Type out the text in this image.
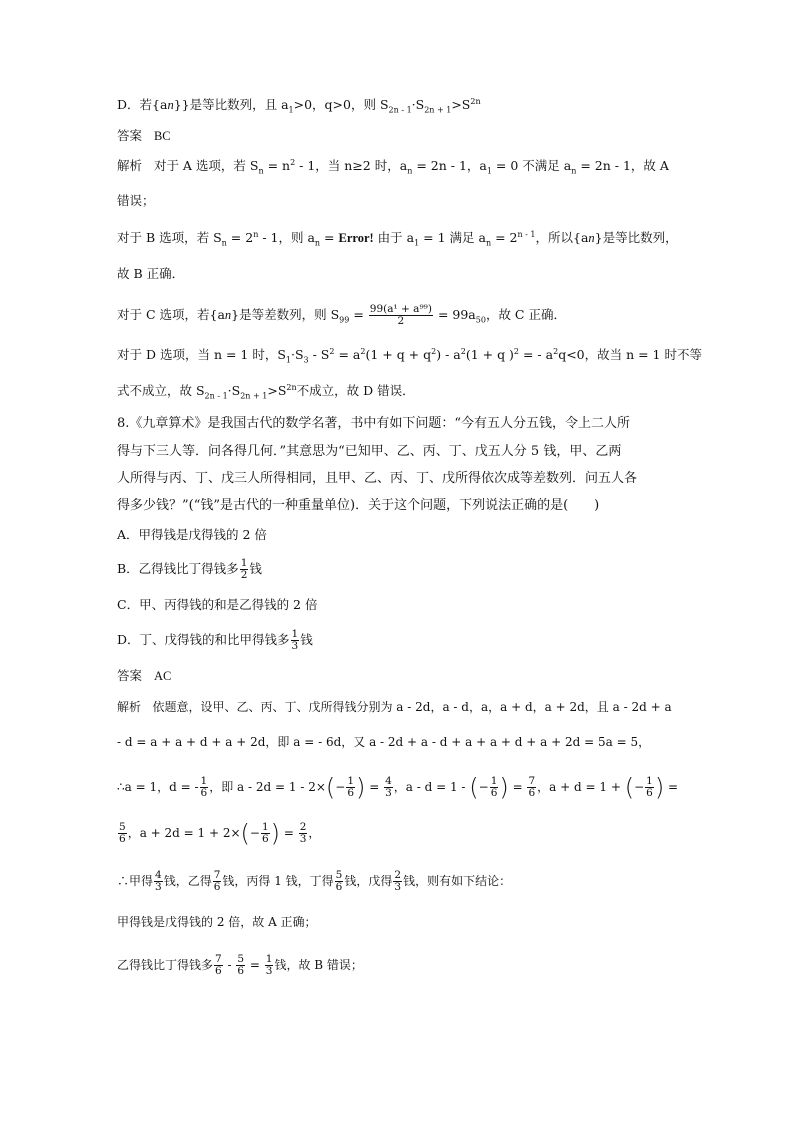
D．若{an}}是等比数列，且 $a_1>0$，q>0，则 $S_{2n - 1}\cdot S_{2n + 1}>S^{2n}$
答案 BC
解析 对于 A 选项，若 $S_n = n^2 - 1$，当 n≥2 时，$a_n = 2n - 1$，$a_1 = 0$ 不满足 $a_n = 2n - 1$，故 A
错误；
对于 B 选项，若 $S_n = 2^n - 1$，则 $a_n$ = Error! 由于 $a_1 = 1$ 满足 $a_n = 2^{n - 1}$，所以{an}是等比数列，
故 B 正确．
对于 C 选项，若{an}是等差数列，则 $S_{99} = \frac{\text{99(a¹ + a⁹⁹)}}{2} = 99a_{50}$，故 C 正确．
对于 D 选项，当 n = 1 时，$S_1\cdot S_3 - S^2 = a^2(1 + q + q^2) - a^2(1 + q$ )$^2$ = - $a^2q<0$，故当 n = 1 时不等
式不成立，故 $S_{2n - 1}\cdot S_{2n + 1}>S^{2n}$不成立，故 D 错误．
8.《九章算术》是我国古代的数学名著，书中有如下问题：“今有五人分五钱，令上二人所
得与下三人等．问各得几何．”其意思为“已知甲、乙、丙、丁、戊五人分 5 钱，甲、乙两
人所得与丙、丁、戊三人所得相同，且甲、乙、丙、丁、戊所得依次成等差数列．问五人各
得多少钱？”(“钱”是古代的一种重量单位)．关于这个问题，下列说法正确的是(　　)
A．甲得钱是戊得钱的 2 倍
B．乙得钱比丁得钱多 $\frac{1}{2}$ 钱
C．甲、丙得钱的和是乙得钱的 2 倍
D．丁、戊得钱的和比甲得钱多 $\frac{1}{3}$ 钱
答案 AC
解析 依题意，设甲、乙、丙、丁、戊所得钱分别为 a - 2d，a - d，a，a + d，a + 2d，且 a - 2d + a
- d = a + a + d + a + 2d，即 a = - 6d，又 a - 2d + a - d + a + a + d + a + 2d = 5a = 5，
∴a = 1，d = - $\frac{1}{6}$ ，即 $a - 2d = 1 - 2\times(- \frac{1}{6}$ ) = $\frac{4}{3}$ ，a - d = 1 - (− $\frac{1}{6}$ ) = $\frac{7}{6}$ ，a + d = 1 + (− $\frac{1}{6}$ ) =
$\frac{5}{6}$ ，$a + 2d = 1 + 2\times(- \frac{1}{6}$ ) = $\frac{2}{3}$ ，
∴甲得 $\frac{4}{3}$ 钱，乙得 $\frac{7}{6}$ 钱，丙得 1 钱，丁得 $\frac{5}{6}$ 钱，戊得 $\frac{2}{3}$ 钱，则有如下结论：
甲得钱是戊得钱的 2 倍，故 A 正确；
乙得钱比丁得钱多 $\frac{7}{6} - \frac{5}{6} = \frac{1}{3}$ 钱，故 B 错误；
